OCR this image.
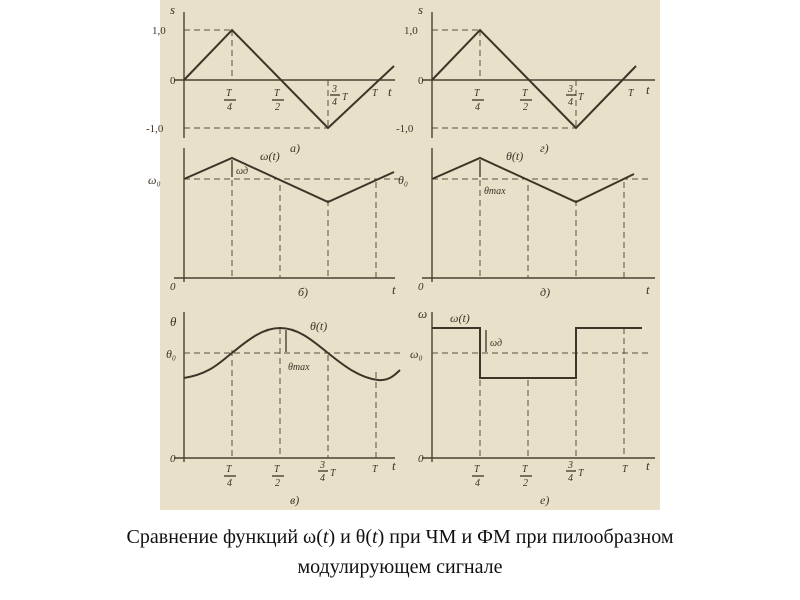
s
t
1,0
0
-1,0
T
4
T
2
3
4 T T
а)
s
t
1,0
0
-1,0
T
4
T
2
3
4 T	T
г)
ω₀
0	t
ω(t)
ωд
б)
θ₀
0	t
θ(t)
θmax
д)
θ
θ₀
0	t
θ(t)
θmax
T
4
T
2
3
4 T	T
в)
ω
ω₀
0	t
ω(t)
ωд
T
4
T
2
3
4 T	T
е)
Сравнение функций ω(t) и θ(t) при ЧМ и ФМ при пилообразном
модулирующем сигнале
